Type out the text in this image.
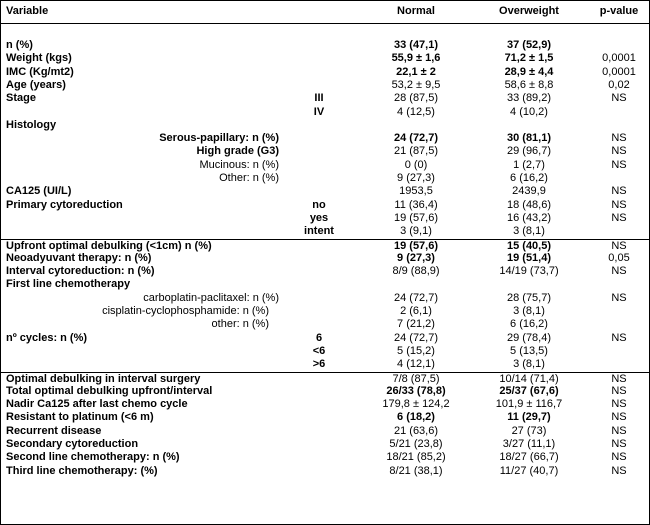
Variable	Normal	Overweight	p-value
n (%)	33 (47,1)	37 (52,9)
Weight (kgs)	55,9 ± 1,6	71,2 ± 1,5	0,0001
IMC (Kg/mt2)	22,1 ± 2	28,9 ± 4,4	0,0001
Age (years)	53,2 ± 9,5	58,6 ± 8,8	0,02
Stage	III	28 (87,5)	33 (89,2)	NS
IV	4 (12,5)	4 (10,2)
Histology
Serous-papillary: n (%)	24 (72,7)	30 (81,1)	NS
High grade (G3)	21 (87,5)	29 (96,7)	NS
Mucinous: n (%)	0 (0)	1 (2,7)	NS
Other: n (%)	9 (27,3)	6 (16,2)
CA125 (UI/L)	1953,5	2439,9	NS
Primary cytoreduction	no	11 (36,4)	18 (48,6)	NS
yes	19 (57,6)	16 (43,2)	NS
intent	3 (9,1)	3 (8,1)
Upfront optimal debulking (<1cm) n (%)	19 (57,6)	15 (40,5)	NS
Neoadyuvant therapy: n (%)	9 (27,3)	19 (51,4)	0,05
Interval cytoreduction: n (%)	8/9 (88,9)	14/19 (73,7)	NS
First line chemotherapy
carboplatin-paclitaxel: n (%)	24 (72,7)	28 (75,7)	NS
cisplatin-cyclophosphamide: n (%)	2 (6,1)	3 (8,1)
other: n (%)	7 (21,2)	6 (16,2)
nº cycles: n (%)	6	24 (72,7)	29 (78,4)	NS
<6	5 (15,2)	5 (13,5)
>6	4 (12,1)	3 (8,1)
Optimal debulking in interval surgery	7/8 (87,5)	10/14 (71,4)	NS
Total optimal debulking upfront/interval	26/33 (78,8)	25/37 (67,6)	NS
Nadir Ca125 after last chemo cycle	179,8 ± 124,2	101,9 ± 116,7	NS
Resistant to platinum (<6 m)	6 (18,2)	11 (29,7)	NS
Recurrent disease	21 (63,6)	27 (73)	NS
Secondary cytoreduction	5/21 (23,8)	3/27 (11,1)	NS
Second line chemotherapy: n (%)	18/21 (85,2)	18/27 (66,7)	NS
Third line chemotherapy: (%)	8/21 (38,1)	11/27 (40,7)	NS
